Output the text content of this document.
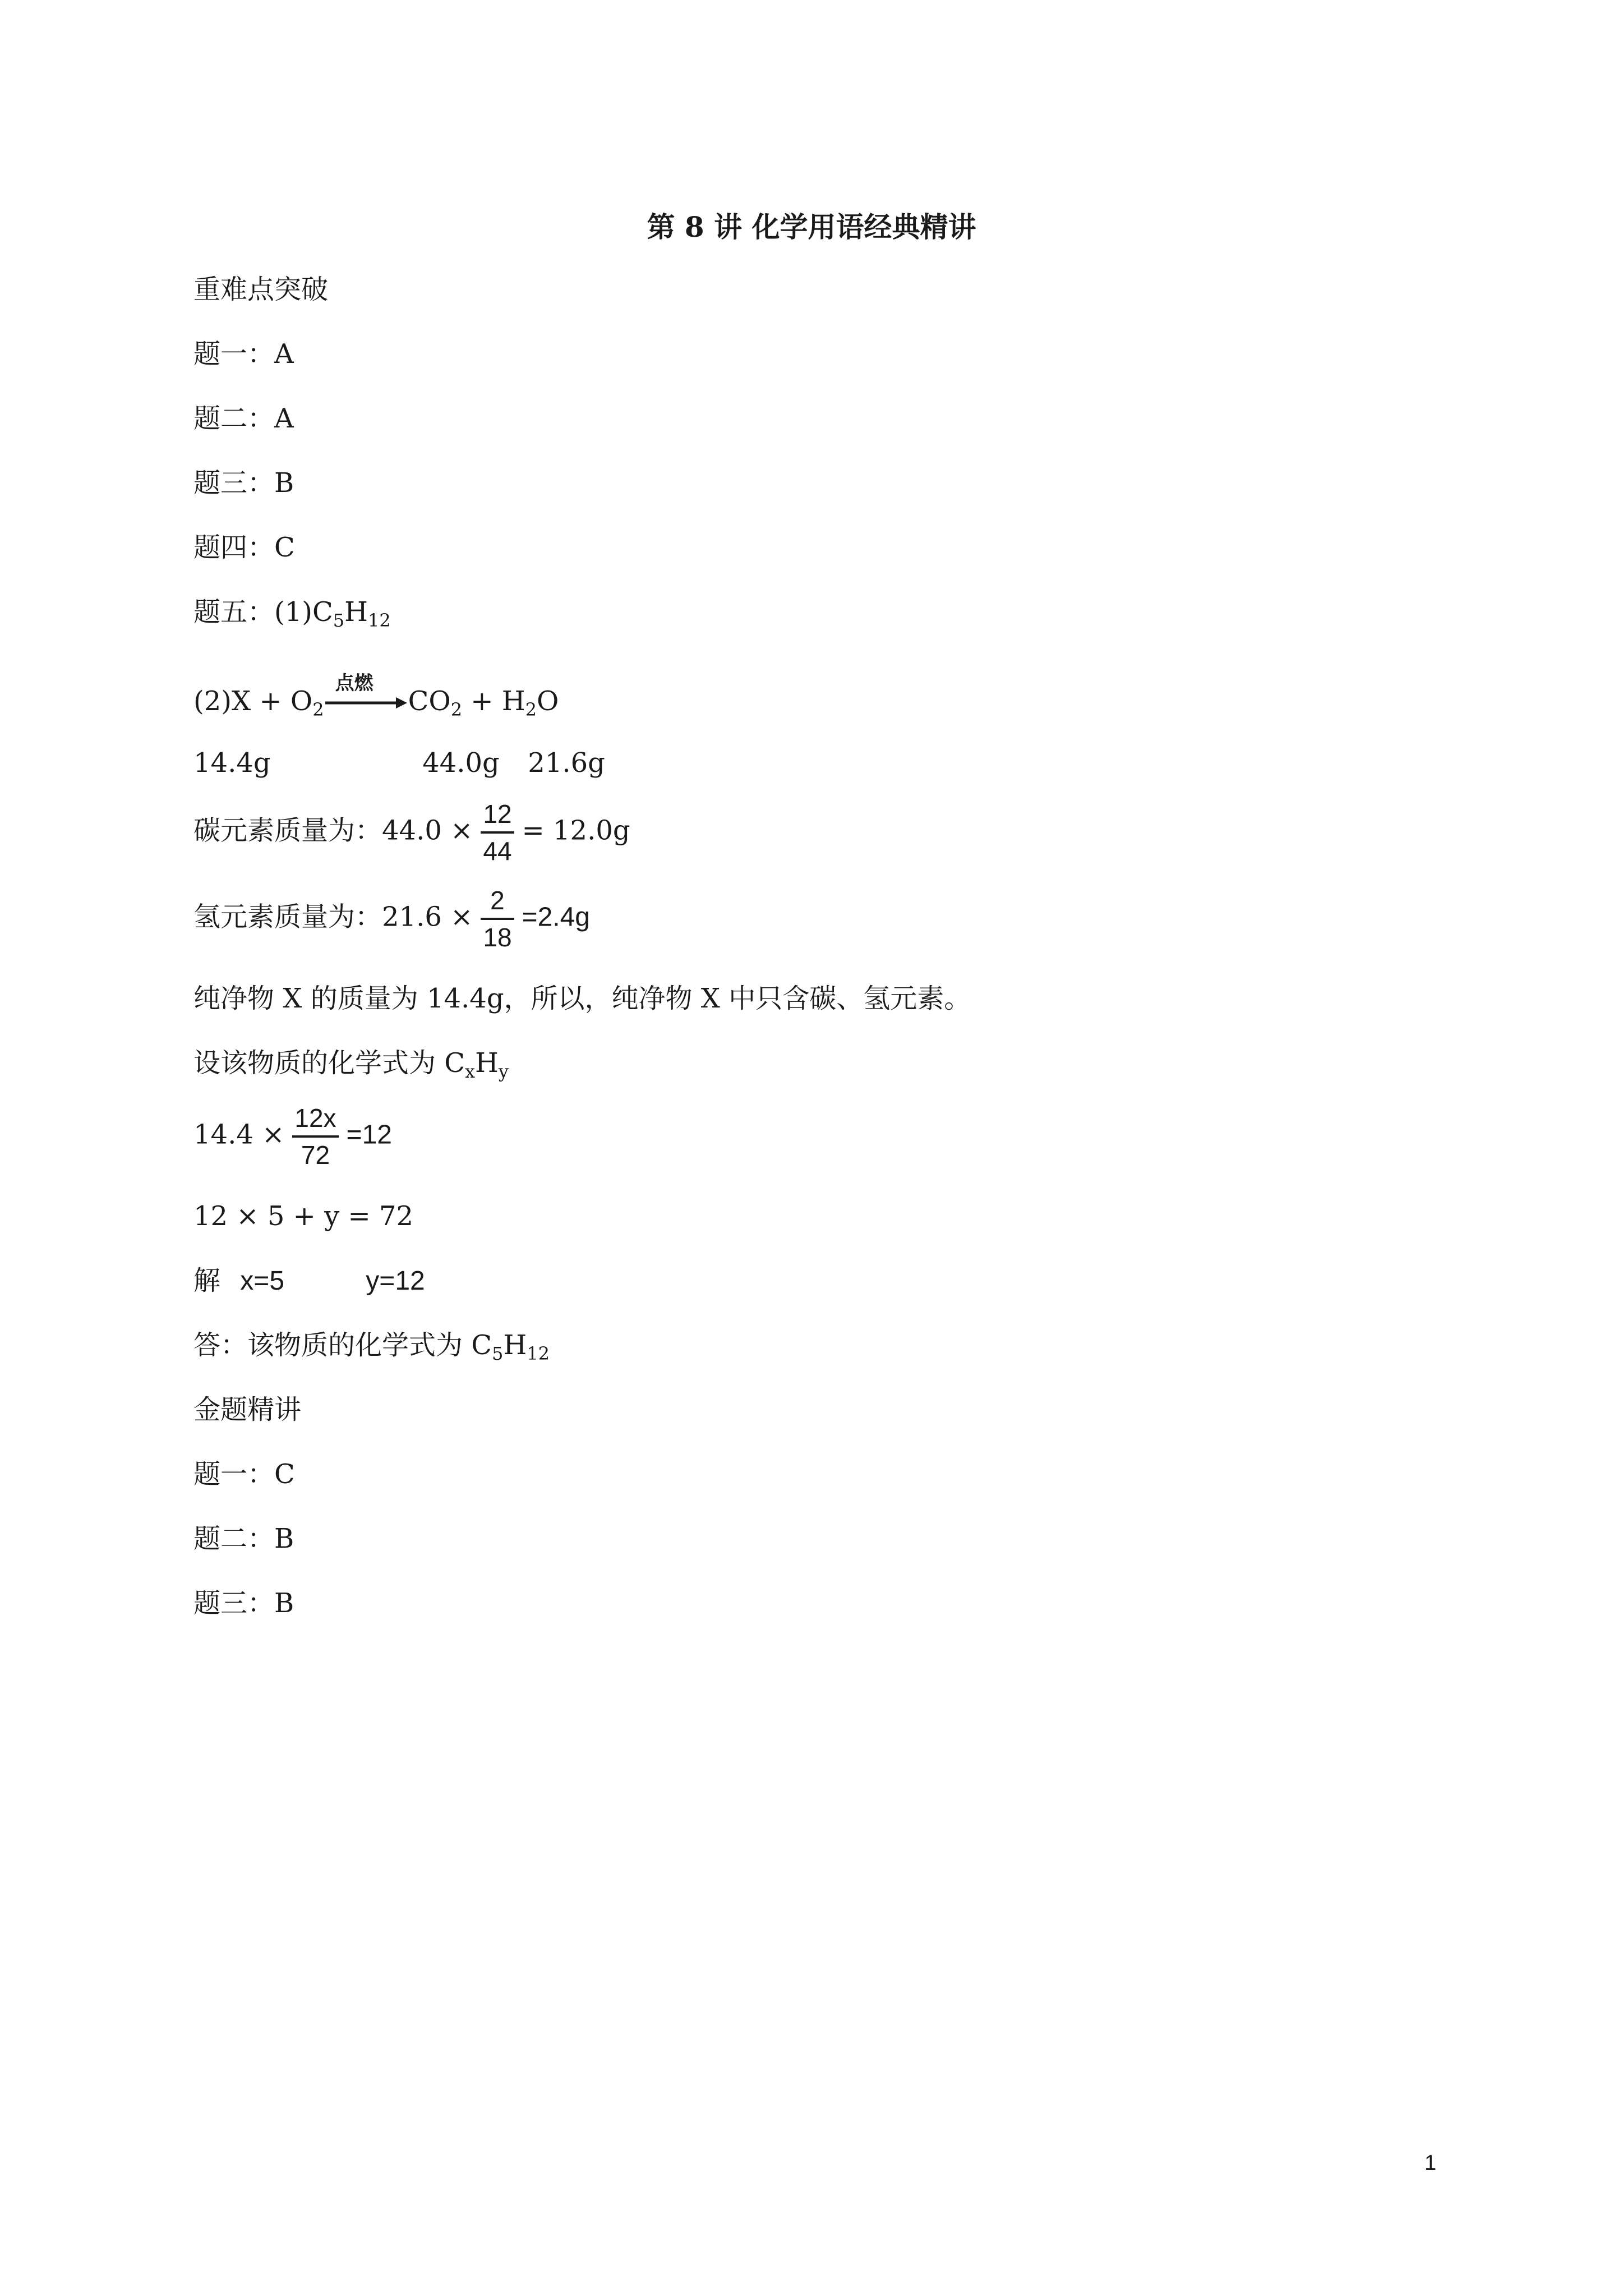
第 8 讲 化学用语经典精讲
重难点突破
题一：A
题二：A
题三：B
题四：C
题五：$(1)C_5H_{12}$
$(2)X + O_2$
点燃
$CO_2 + H_2O$
14.4g	44.0g 21.6g
碳元素质量为：$44.0 \times \frac{12}{44} = 12.0g$
氢元素质量为：$21.6 \times \frac{2}{18} =2.4g$
纯净物 X 的质量为 14.4g，所以，纯净物 X 中只含碳、氢元素。
设该物质的化学式为 $C_xH_y$
$14.4 \times \frac{12x}{72} =12$
12 × 5 + y = 72
解 x=5	y=12
答：该物质的化学式为 $C_5H_{12}$
金题精讲
题一：C
题二：B
题三：B
1
